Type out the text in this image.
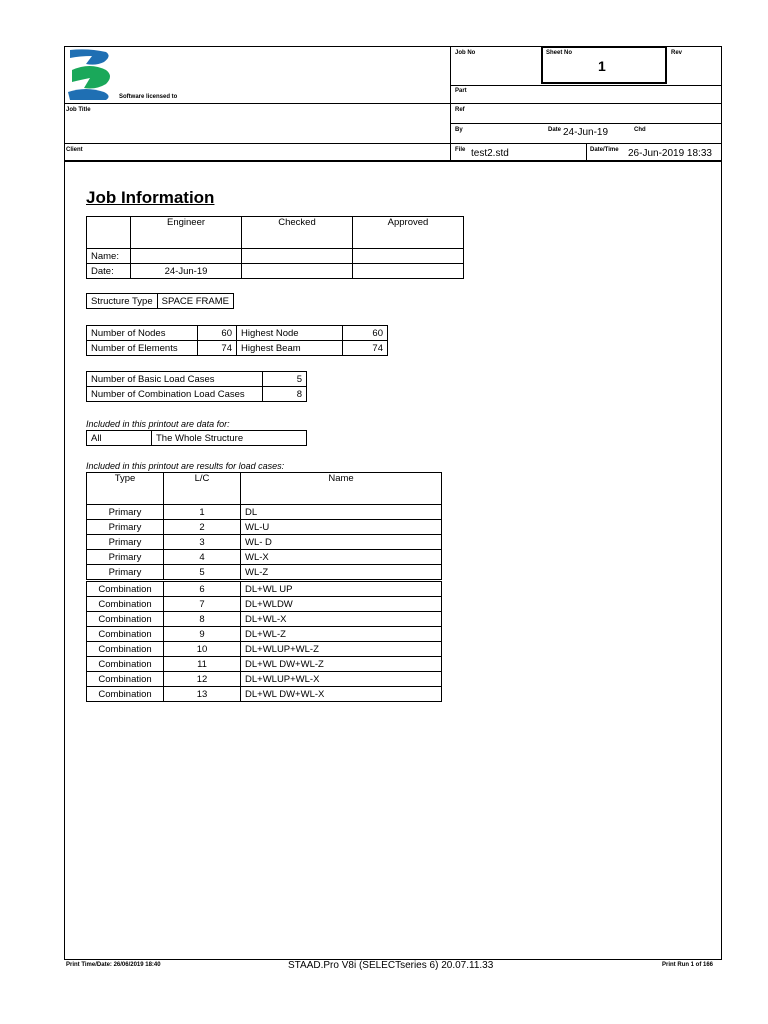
Software licensed to
Job No	Sheet No
1
Rev
Part
Job Title	Ref
By	Date 24-Jun-19	Chd
Client	File test2.std	Date/Time 26-Jun-2019 18:33
Job Information
	Engineer	Checked	Approved
Name:			
Date:	24-Jun-19		
Structure Type	SPACE FRAME
Number of Nodes	60	Highest Node	60
Number of Elements	74	Highest Beam	74
Number of Basic Load Cases	5
Number of Combination Load Cases	8
Included in this printout are data for:
All	The Whole Structure
Included in this printout are results for load cases:
Type	L/C	Name
Primary	1	DL
Primary	2	WL-U
Primary	3	WL- D
Primary	4	WL-X
Primary	5	WL-Z
Combination	6	DL+WL UP
Combination	7	DL+WLDW
Combination	8	DL+WL-X
Combination	9	DL+WL-Z
Combination	10	DL+WLUP+WL-Z
Combination	11	DL+WL DW+WL-Z
Combination	12	DL+WLUP+WL-X
Combination	13	DL+WL DW+WL-X
Print Time/Date: 26/06/2019 18:40	STAAD.Pro V8i (SELECTseries 6) 20.07.11.33	Print Run 1 of 166
